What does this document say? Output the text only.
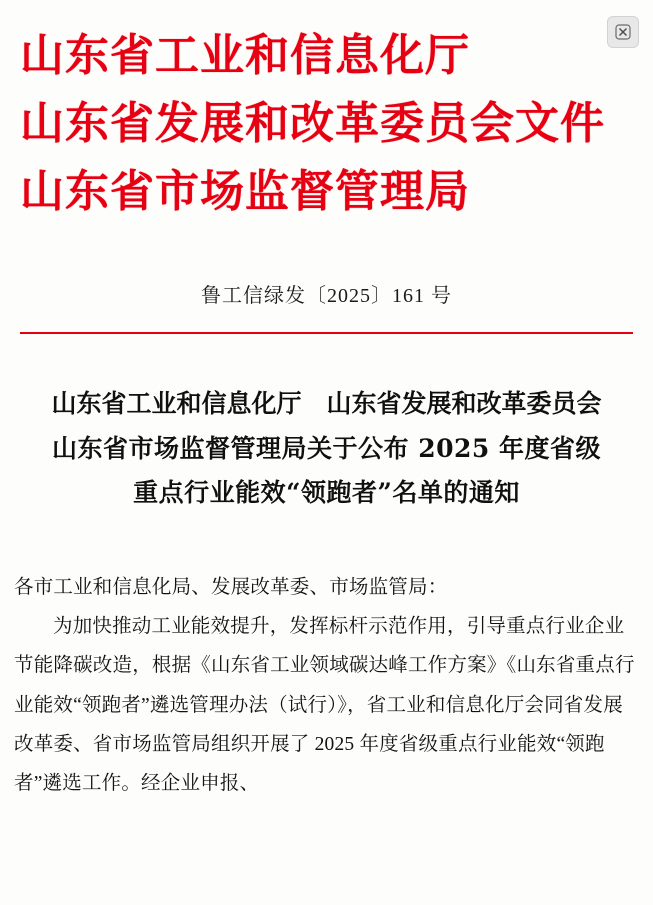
山东省工业和信息化厅
山东省发展和改革委员会文件
山东省市场监督管理局
鲁工信绿发〔2025〕161 号
山东省工业和信息化厅　山东省发展和改革委员会
山东省市场监督管理局关于公布 2025 年度省级
重点行业能效“领跑者”名单的通知

各市工业和信息化局、发展改革委、市场监管局：

为加快推动工业能效提升，发挥标杆示范作用，引导重点行业企业节能降碳改造，根据《山东省工业领域碳达峰工作方案》《山东省重点行业能效“领跑者”遴选管理办法（试行）》，省工业和信息化厅会同省发展改革委、省市场监管局组织开展了 2025 年度省级重点行业能效“领跑者”遴选工作。经企业申报、
